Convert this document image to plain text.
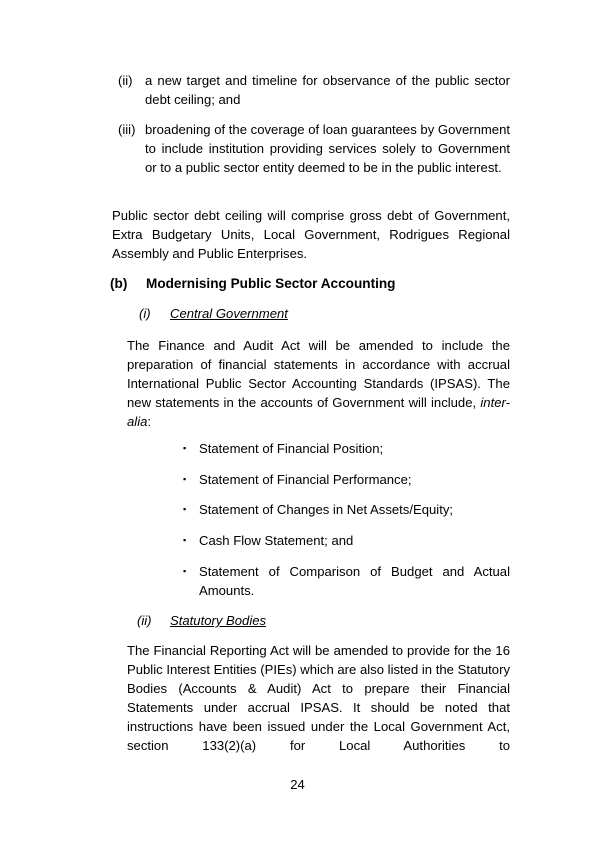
(ii) a new target and timeline for observance of the public sector debt ceiling; and
(iii) broadening of the coverage of loan guarantees by Government to include institution providing services solely to Government or to a public sector entity deemed to be in the public interest.
Public sector debt ceiling will comprise gross debt of Government, Extra Budgetary Units, Local Government, Rodrigues Regional Assembly and Public Enterprises.
(b) Modernising Public Sector Accounting
(i) Central Government
The Finance and Audit Act will be amended to include the preparation of financial statements in accordance with accrual International Public Sector Accounting Standards (IPSAS). The new statements in the accounts of Government will include, inter-alia:
▪ Statement of Financial Position;
▪ Statement of Financial Performance;
▪ Statement of Changes in Net Assets/Equity;
▪ Cash Flow Statement; and
▪ Statement of Comparison of Budget and Actual Amounts.
(ii) Statutory Bodies
The Financial Reporting Act will be amended to provide for the 16 Public Interest Entities (PIEs) which are also listed in the Statutory Bodies (Accounts & Audit) Act to prepare their Financial Statements under accrual IPSAS. It should be noted that instructions have been issued under the Local Government Act, section 133(2)(a) for Local Authorities to
24
